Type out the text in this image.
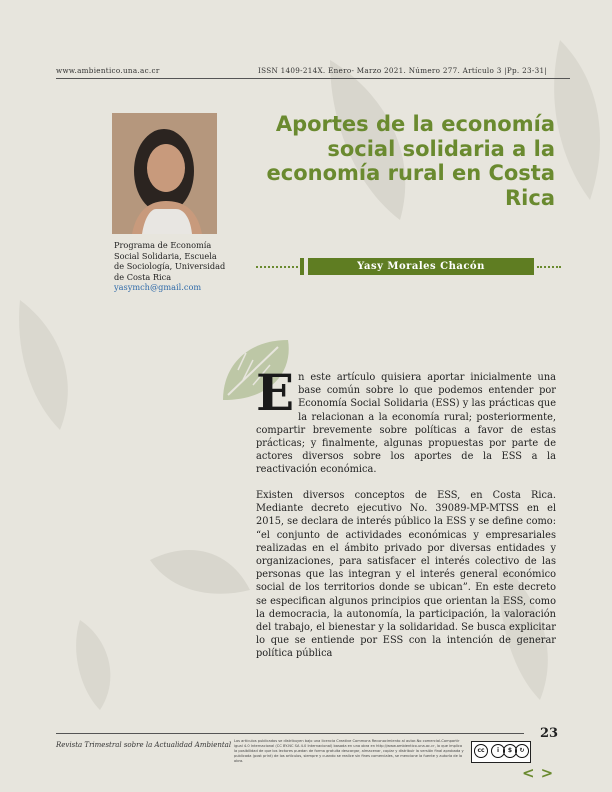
www.ambientico.una.ac.cr	ISSN 1409-214X. Enero- Marzo 2021. Número 277. Artículo 3 |Pp. 23-31|
Programa de Economía
Social Solidaria, Escuela
de Sociología, Universidad
de Costa Rica
yasymch@gmail.com
Aportes de la economía social solidaria a la economía rural en Costa Rica
Yasy Morales Chacón
En este artículo quisiera aportar inicialmente una base común sobre lo que podemos entender por Economía Social Solidaria (ESS) y las prácticas que la relacionan a la economía rural; posteriormente, compartir brevemente sobre políticas a favor de estas prácticas; y finalmente, algunas propuestas por parte de actores diversos sobre los aportes de la ESS a la reactivación económica.
Existen diversos conceptos de ESS, en Costa Rica. Mediante decreto ejecutivo No. 39089-MP-MTSS en el 2015, se declara de interés público la ESS y se define como: “el conjunto de actividades económicas y empresariales realizadas en el ámbito privado por diversas entidades y organizaciones, para satisfacer el interés colectivo de las personas que las integran y el interés general económico social de los territorios donde se ubican”. En este decreto se especifican algunos principios que orientan la ESS, como la democracia, la autonomía, la participación, la valoración del trabajo, el bienestar y la solidaridad. Se busca explicitar lo que se entiende por ESS con la intención de generar política pública
23
Revista Trimestral sobre la Actualidad Ambiental Los artículos publicados se distribuyen bajo una licencia Creative Commons Reconocimiento al autor-No comercial-Compartir igual 4.0 Internacional (CC BY-NC SA 4.0 Internacional) basada en una obra en http://www.ambientico.una.ac.cr, lo que implica la posibilidad de que los lectores puedan de forma gratuita descargar, almacenar, copiar y distribuir la versión final aprobada y publicada (post print) de los artículos, siempre y cuando se realice sin fines comerciales, se mencione la fuente y autoría de la obra.
cc	i	$	↻
<>
